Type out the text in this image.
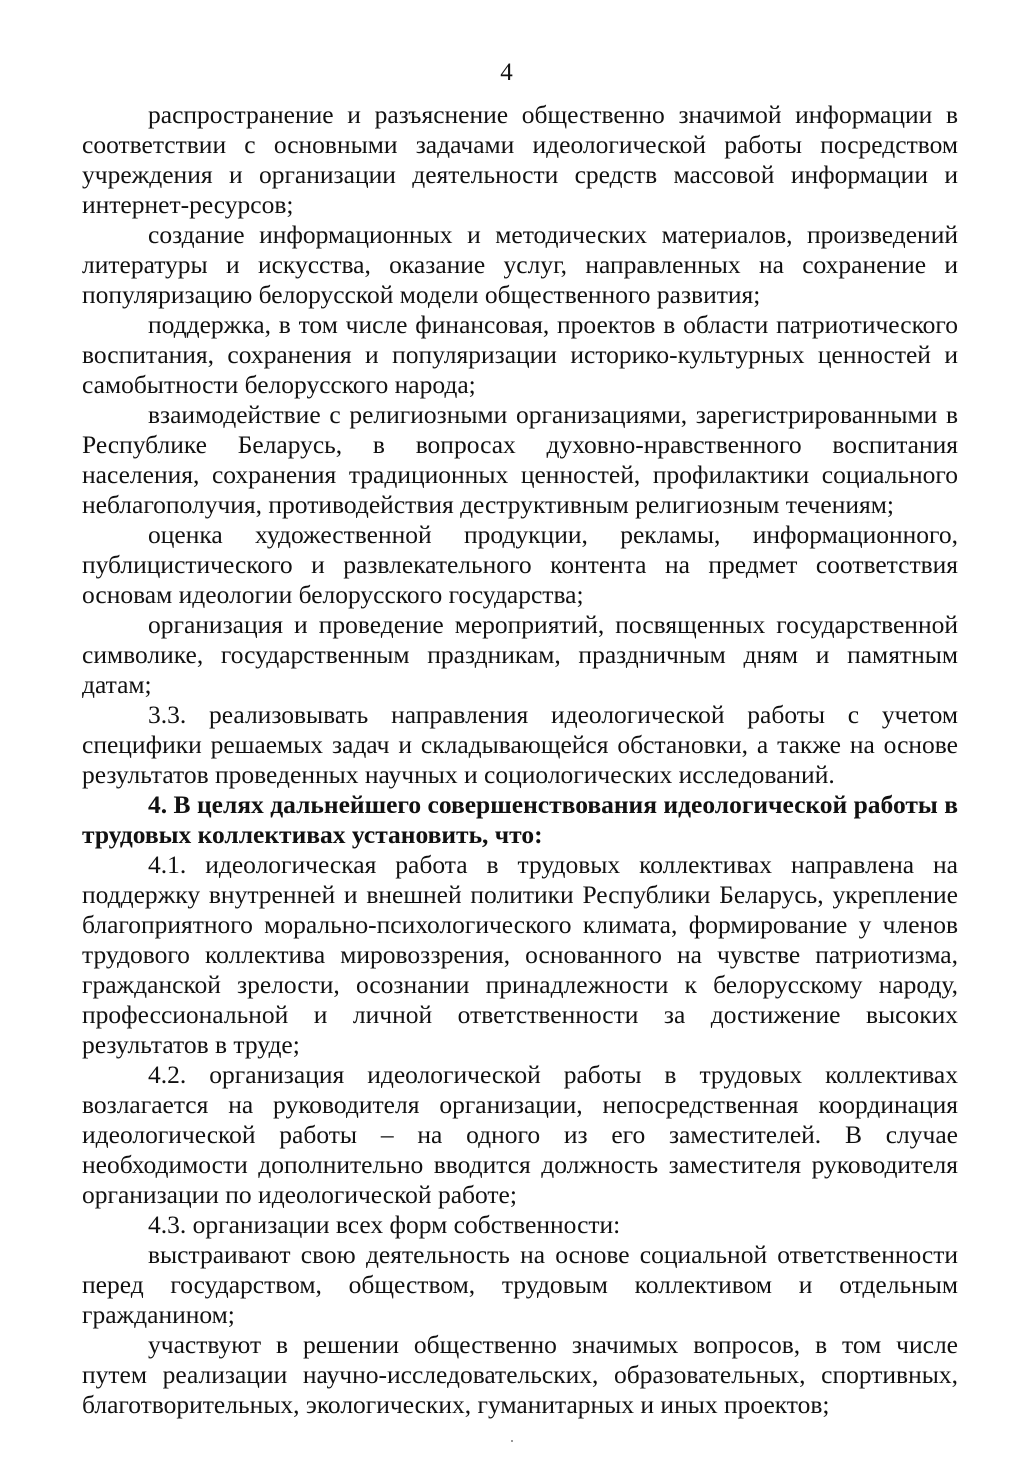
4

распространение и разъяснение общественно значимой информации в соответствии с основными задачами идеологической работы посредством учреждения и организации деятельности средств массовой информации и интернет-ресурсов;

создание информационных и методических материалов, произведений литературы и искусства, оказание услуг, направленных на сохранение и популяризацию белорусской модели общественного развития;

поддержка, в том числе финансовая, проектов в области патриотического воспитания, сохранения и популяризации историко-культурных ценностей и самобытности белорусского народа;

взаимодействие с религиозными организациями, зарегистрированными в Республике Беларусь, в вопросах духовно-нравственного воспитания населения, сохранения традиционных ценностей, профилактики социального неблагополучия, противодействия деструктивным религиозным течениям;

оценка художественной продукции, рекламы, информационного, публицистического и развлекательного контента на предмет соответствия основам идеологии белорусского государства;

организация и проведение мероприятий, посвященных государственной символике, государственным праздникам, праздничным дням и памятным датам;

3.3. реализовывать направления идеологической работы с учетом специфики решаемых задач и складывающейся обстановки, а также на основе результатов проведенных научных и социологических исследований.

4. В целях дальнейшего совершенствования идеологической работы в трудовых коллективах установить, что:

4.1. идеологическая работа в трудовых коллективах направлена на поддержку внутренней и внешней политики Республики Беларусь, укрепление благоприятного морально-психологического климата, формирование у членов трудового коллектива мировоззрения, основанного на чувстве патриотизма, гражданской зрелости, осознании принадлежности к белорусскому народу, профессиональной и личной ответственности за достижение высоких результатов в труде;

4.2. организация идеологической работы в трудовых коллективах возлагается на руководителя организации, непосредственная координация идеологической работы – на одного из его заместителей. В случае необходимости дополнительно вводится должность заместителя руководителя организации по идеологической работе;

4.3. организации всех форм собственности:

выстраивают свою деятельность на основе социальной ответственности перед государством, обществом, трудовым коллективом и отдельным гражданином;

участвуют в решении общественно значимых вопросов, в том числе путем реализации научно-исследовательских, образовательных, спортивных, благотворительных, экологических, гуманитарных и иных проектов;
